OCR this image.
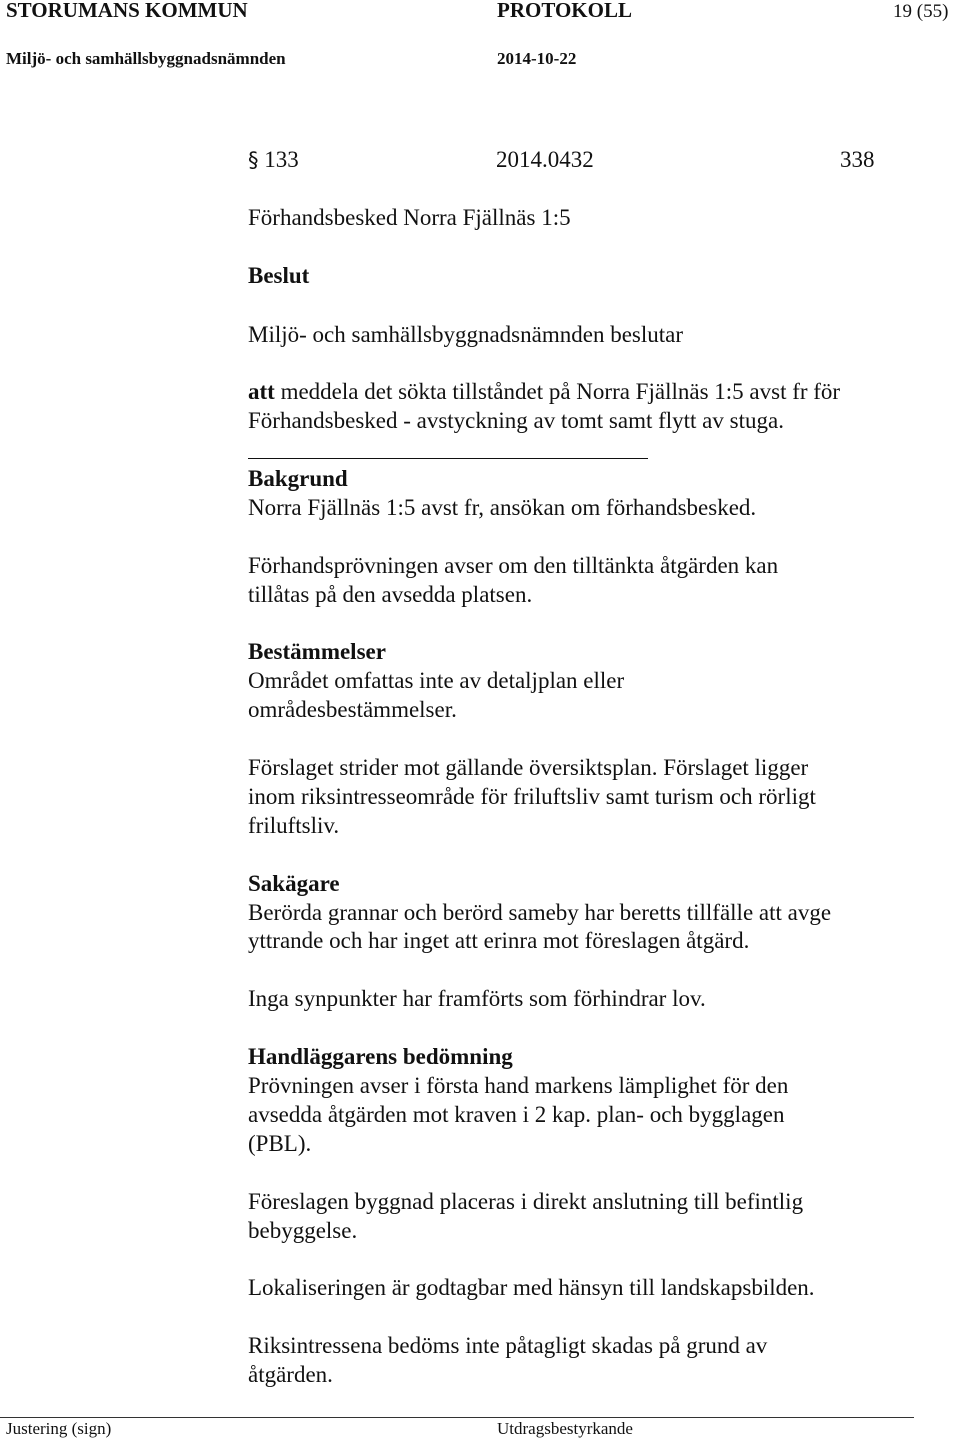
STORUMANS KOMMUN	PROTOKOLL	19 (55)
Miljö- och samhällsbyggnadsnämnden	2014-10-22
§ 133	2014.0432	338
Förhandsbesked Norra Fjällnäs 1:5
Beslut
Miljö- och samhällsbyggnadsnämnden beslutar
att meddela det sökta tillståndet på Norra Fjällnäs 1:5 avst fr för
Förhandsbesked - avstyckning av tomt samt flytt av stuga.
Bakgrund
Norra Fjällnäs 1:5 avst fr, ansökan om förhandsbesked.
Förhandsprövningen avser om den tilltänkta åtgärden kan
tillåtas på den avsedda platsen.
Bestämmelser
Området omfattas inte av detaljplan eller
områdesbestämmelser.
Förslaget strider mot gällande översiktsplan. Förslaget ligger
inom riksintresseområde för friluftsliv samt turism och rörligt
friluftsliv.
Sakägare
Berörda grannar och berörd sameby har beretts tillfälle att avge
yttrande och har inget att erinra mot föreslagen åtgärd.
Inga synpunkter har framförts som förhindrar lov.
Handläggarens bedömning
Prövningen avser i första hand markens lämplighet för den
avsedda åtgärden mot kraven i 2 kap. plan- och bygglagen
(PBL).
Föreslagen byggnad placeras i direkt anslutning till befintlig
bebyggelse.
Lokaliseringen är godtagbar med hänsyn till landskapsbilden.
Riksintressena bedöms inte påtagligt skadas på grund av
åtgärden.
Justering (sign)	Utdragsbestyrkande
